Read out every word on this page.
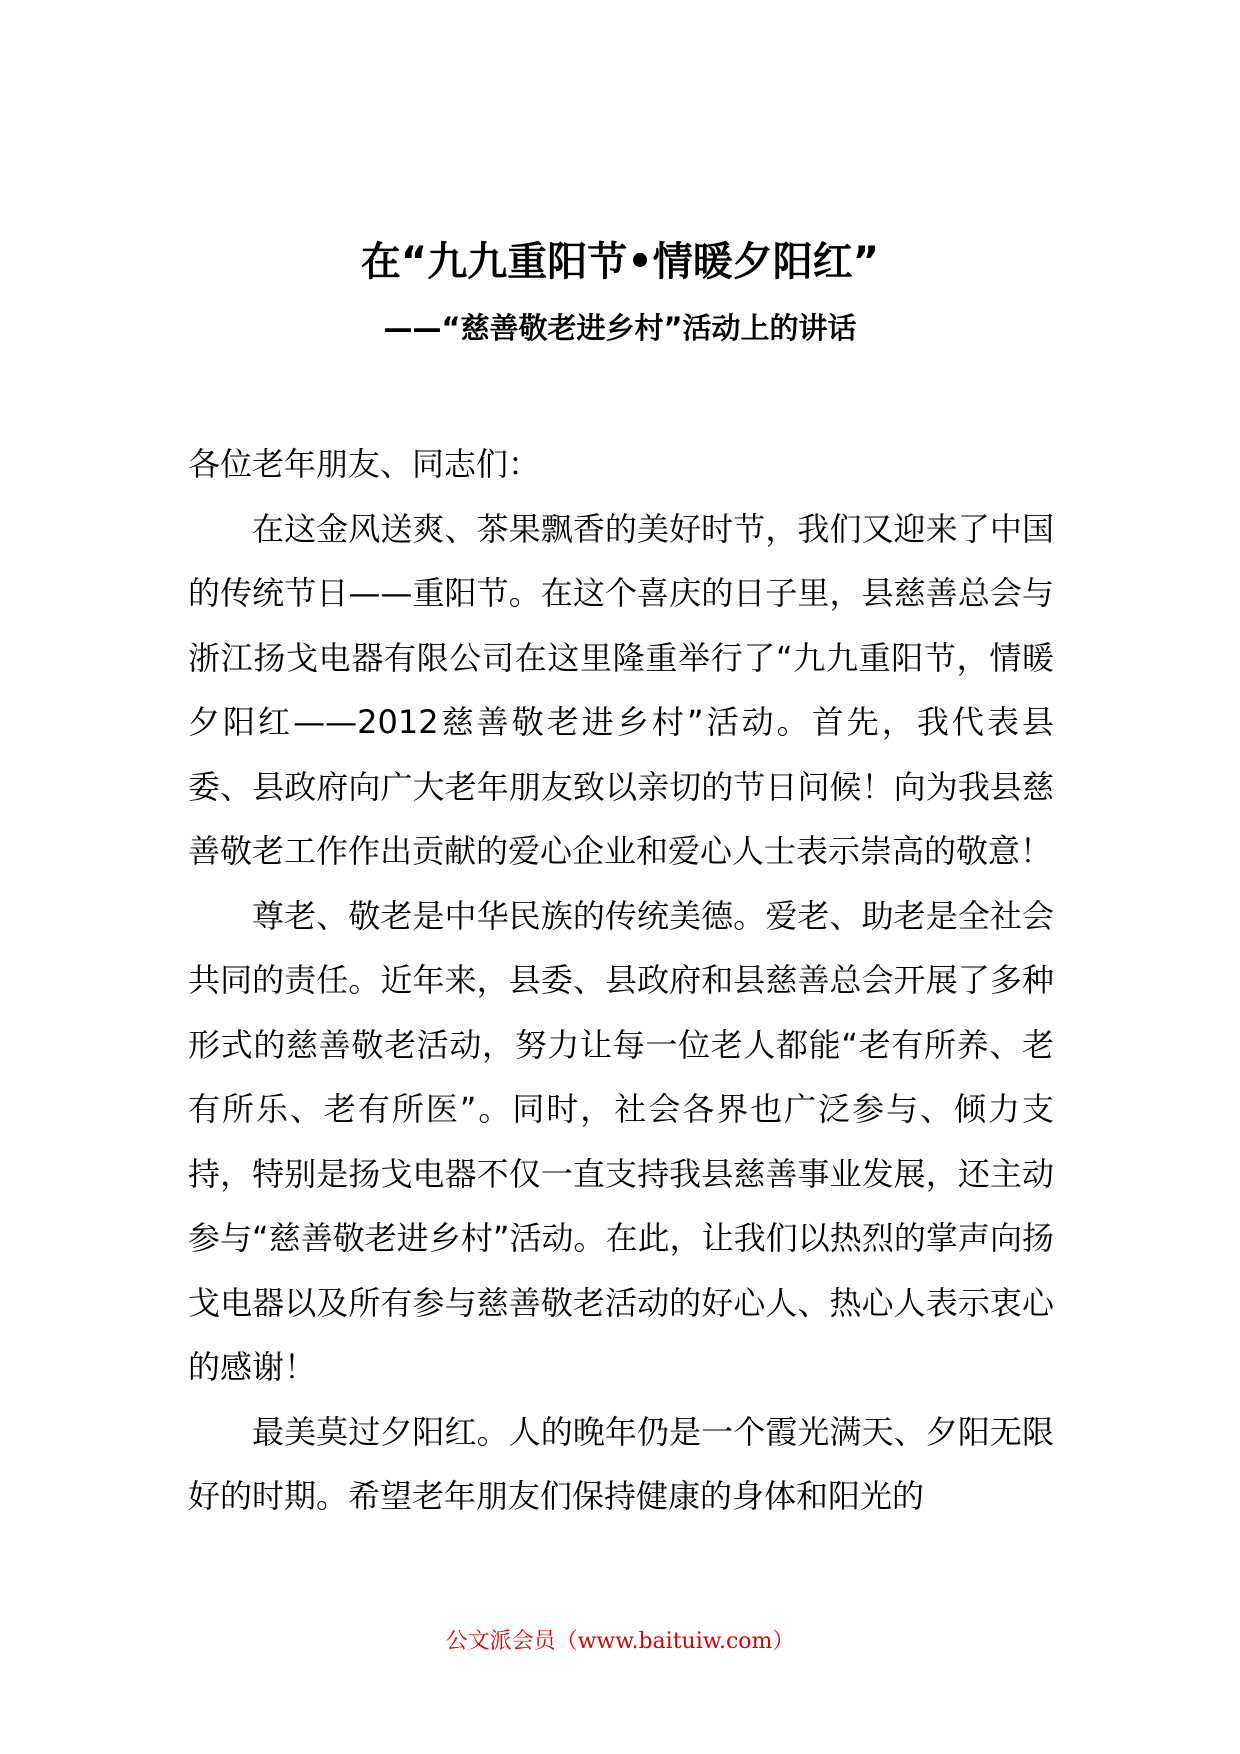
在“九九重阳节•情暖夕阳红”
——“慈善敬老进乡村”活动上的讲话

各位老年朋友、同志们：

在这金风送爽、茶果飘香的美好时节，我们又迎来了中国的传统节日——重阳节。在这个喜庆的日子里，县慈善总会与浙江扬戈电器有限公司在这里隆重举行了“九九重阳节，情暖夕阳红——2012慈善敬老进乡村”活动。首先，我代表县委、县政府向广大老年朋友致以亲切的节日问候！向为我县慈善敬老工作作出贡献的爱心企业和爱心人士表示崇高的敬意！

尊老、敬老是中华民族的传统美德。爱老、助老是全社会共同的责任。近年来，县委、县政府和县慈善总会开展了多种形式的慈善敬老活动，努力让每一位老人都能“老有所养、老有所乐、老有所医”。同时，社会各界也广泛参与、倾力支持，特别是扬戈电器不仅一直支持我县慈善事业发展，还主动参与“慈善敬老进乡村”活动。在此，让我们以热烈的掌声向扬戈电器以及所有参与慈善敬老活动的好心人、热心人表示衷心的感谢！

最美莫过夕阳红。人的晚年仍是一个霞光满天、夕阳无限好的时期。希望老年朋友们保持健康的身体和阳光的

公文派会员（www.baituiw.com）
